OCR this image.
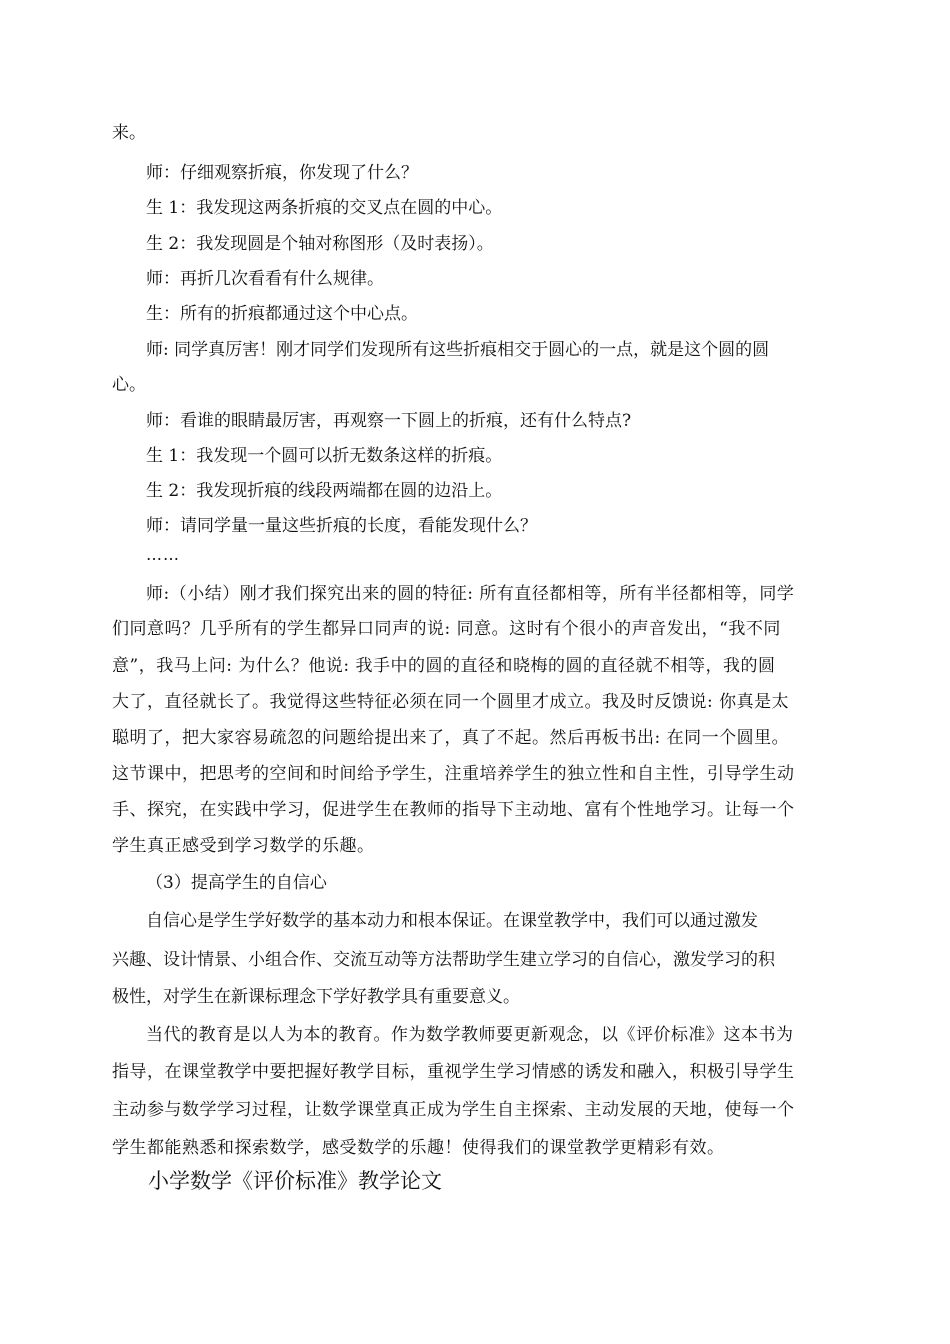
来。
师：仔细观察折痕，你发现了什么？
生 1：我发现这两条折痕的交叉点在圆的中心。
生 2：我发现圆是个轴对称图形（及时表扬）。
师：再折几次看看有什么规律。
生：所有的折痕都通过这个中心点。
师: 同学真厉害！刚才同学们发现所有这些折痕相交于圆心的一点，就是这个圆的圆
心。
师：看谁的眼睛最厉害，再观察一下圆上的折痕，还有什么特点?
生 1：我发现一个圆可以折无数条这样的折痕。
生 2：我发现折痕的线段两端都在圆的边沿上。
师：请同学量一量这些折痕的长度，看能发现什么？
……
师:（小结）刚才我们探究出来的圆的特征: 所有直径都相等，所有半径都相等，同学
们同意吗？几乎所有的学生都异口同声的说: 同意。这时有个很小的声音发出，“我不同
意”，我马上问: 为什么？他说: 我手中的圆的直径和晓梅的圆的直径就不相等，我的圆
大了，直径就长了。我觉得这些特征必须在同一个圆里才成立。我及时反馈说: 你真是太
聪明了，把大家容易疏忽的问题给提出来了，真了不起。然后再板书出: 在同一个圆里。
这节课中，把思考的空间和时间给予学生，注重培养学生的独立性和自主性，引导学生动
手、探究，在实践中学习，促进学生在教师的指导下主动地、富有个性地学习。让每一个
学生真正感受到学习数学的乐趣。
（3）提高学生的自信心
自信心是学生学好数学的基本动力和根本保证。在课堂教学中，我们可以通过激发
兴趣、设计情景、小组合作、交流互动等方法帮助学生建立学习的自信心，激发学习的积
极性，对学生在新课标理念下学好教学具有重要意义。
当代的教育是以人为本的教育。作为数学教师要更新观念，以《评价标准》这本书为
指导，在课堂教学中要把握好教学目标，重视学生学习情感的诱发和融入，积极引导学生
主动参与数学学习过程，让数学课堂真正成为学生自主探索、主动发展的天地，使每一个
学生都能熟悉和探索数学，感受数学的乐趣！使得我们的课堂教学更精彩有效。
小学数学《评价标准》教学论文
